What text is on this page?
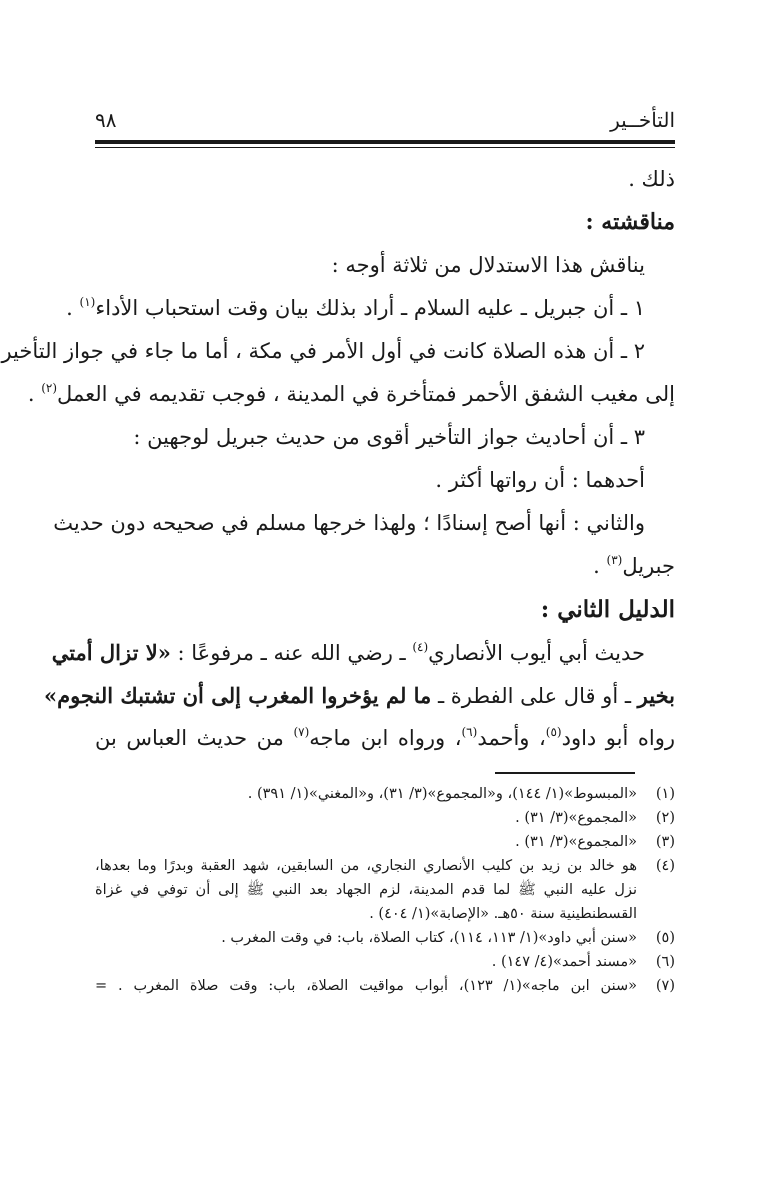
التأخــير
٩٨
ذلك .
مناقشته :
يناقش هذا الاستدلال من ثلاثة أوجه :
١ ـ أن جبريل ـ عليه السلام ـ أراد بذلك بيان وقت استحباب الأداء$^{(١)}$ .
٢ ـ أن هذه الصلاة كانت في أول الأمر في مكة ، أما ما جاء في جواز التأخير
إلى مغيب الشفق الأحمر فمتأخرة في المدينة ، فوجب تقديمه في العمل$^{(٢)}$ .
٣ ـ أن أحاديث جواز التأخير أقوى من حديث جبريل لوجهين :
أحدهما : أن رواتها أكثر .
والثاني : أنها أصح إسنادًا ؛ ولهذا خرجها مسلم في صحيحه دون حديث
جبريل$^{(٣)}$ .
الدليل الثاني :
حديث أبي أيوب الأنصاري$^{(٤)}$ ـ رضي الله عنه ـ مرفوعًا : «لا تزال أمتي
بخير ـ أو قال على الفطرة ـ ما لم يؤخروا المغرب إلى أن تشتبك النجوم»
رواه أبو داود$^{(٥)}$، وأحمد$^{(٦)}$، ورواه ابن ماجه$^{(٧)}$ من حديث العباس بن
(١)
«المبسوط»(١/ ١٤٤)، و«المجموع»(٣/ ٣١)، و«المغني»(١/ ٣٩١) .
(٢)
«المجموع»(٣/ ٣١) .
(٣)
«المجموع»(٣/ ٣١) .
(٤)
هو خالد بن زيد بن كليب الأنصاري النجاري، من السابقين، شهد العقبة وبدرًا وما بعدها،
نزل عليه النبي ﷺ لما قدم المدينة، لزم الجهاد بعد النبي ﷺ إلى أن توفي في غزاة
القسطنطينية سنة ٥٠هـ. «الإصابة»(١/ ٤٠٤) .
(٥)
«سنن أبي داود»(١/ ١١٣، ١١٤)، كتاب الصلاة، باب: في وقت المغرب .
(٦)
«مسند أحمد»(٤/ ١٤٧) .
(٧)
«سنن ابن ماجه»(١/ ١٢٣)، أبواب مواقيت الصلاة، باب: وقت صلاة المغرب . =
